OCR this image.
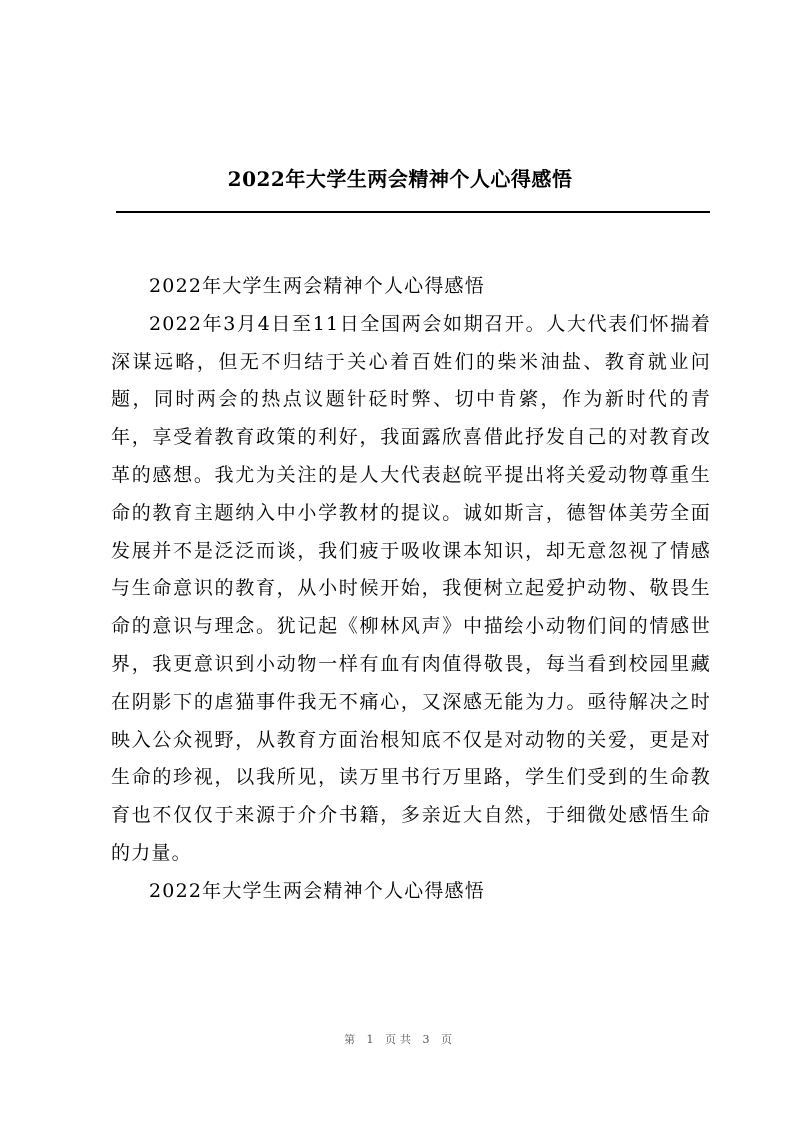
2022年大学生两会精神个人心得感悟

2022年大学生两会精神个人心得感悟

2022年3月4日至11日全国两会如期召开。人大代表们怀揣着深谋远略，但无不归结于关心着百姓们的柴米油盐、教育就业问题，同时两会的热点议题针砭时弊、切中肯綮，作为新时代的青年，享受着教育政策的利好，我面露欣喜借此抒发自己的对教育改革的感想。我尤为关注的是人大代表赵皖平提出将关爱动物尊重生命的教育主题纳入中小学教材的提议。诚如斯言，德智体美劳全面发展并不是泛泛而谈，我们疲于吸收课本知识，却无意忽视了情感与生命意识的教育，从小时候开始，我便树立起爱护动物、敬畏生命的意识与理念。犹记起《柳林风声》中描绘小动物们间的情感世界，我更意识到小动物一样有血有肉值得敬畏，每当看到校园里藏在阴影下的虐猫事件我无不痛心，又深感无能为力。亟待解决之时映入公众视野，从教育方面治根知底不仅是对动物的关爱，更是对生命的珍视，以我所见，读万里书行万里路，学生们受到的生命教育也不仅仅于来源于介介书籍，多亲近大自然，于细微处感悟生命的力量。

2022年大学生两会精神个人心得感悟

第 1 页共 3 页
